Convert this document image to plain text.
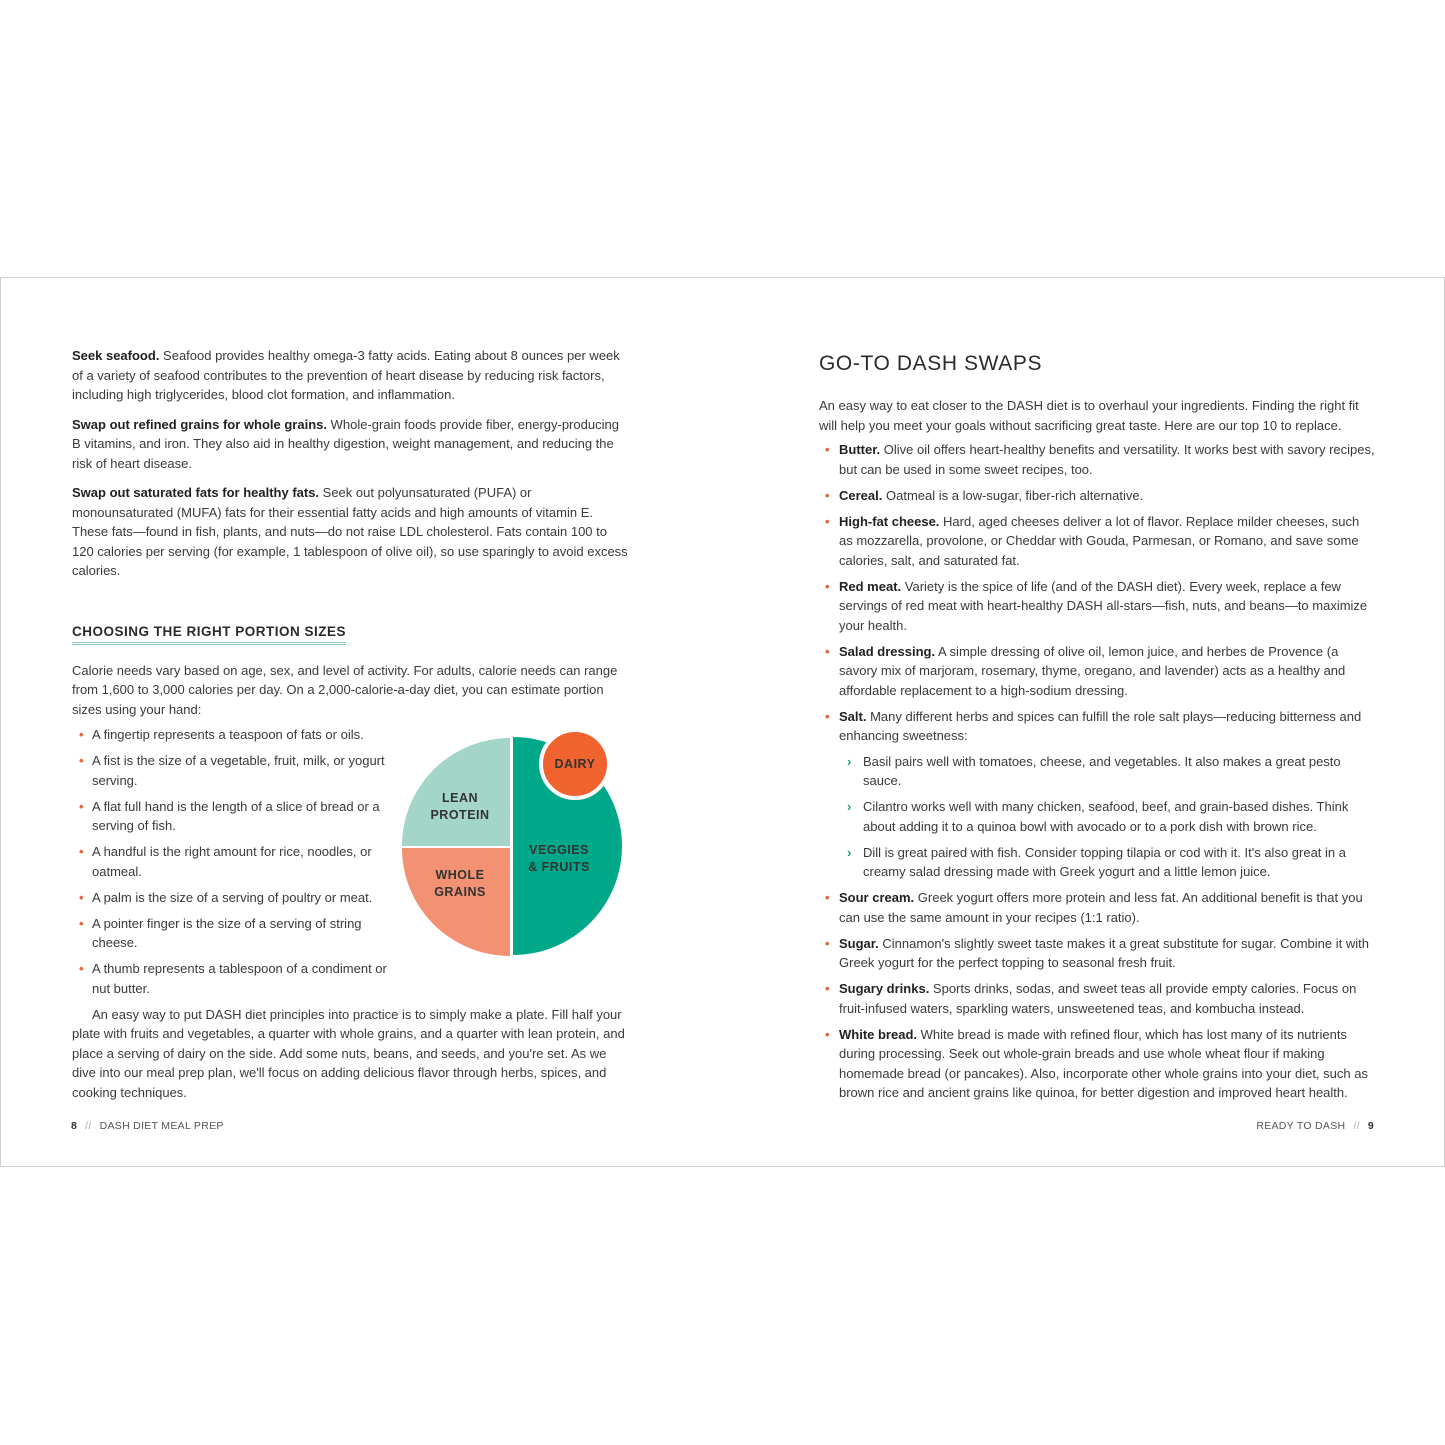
Seek seafood. Seafood provides healthy omega-3 fatty acids. Eating about 8 ounces per week of a variety of seafood contributes to the prevention of heart disease by reducing risk factors, including high triglycerides, blood clot formation, and inflammation.

Swap out refined grains for whole grains. Whole-grain foods provide fiber, energy-producing B vitamins, and iron. They also aid in healthy digestion, weight management, and reducing the risk of heart disease.

Swap out saturated fats for healthy fats. Seek out polyunsaturated (PUFA) or monounsaturated (MUFA) fats for their essential fatty acids and high amounts of vitamin E. These fats—found in fish, plants, and nuts—do not raise LDL cholesterol. Fats contain 100 to 120 calories per serving (for example, 1 tablespoon of olive oil), so use sparingly to avoid excess calories.

CHOOSING THE RIGHT PORTION SIZES

Calorie needs vary based on age, sex, and level of activity. For adults, calorie needs can range from 1,600 to 3,000 calories per day. On a 2,000-calorie-a-day diet, you can estimate portion sizes using your hand:

• A fingertip represents a teaspoon of fats or oils.
• A fist is the size of a vegetable, fruit, milk, or yogurt serving.
• A flat full hand is the length of a slice of bread or a serving of fish.
• A handful is the right amount for rice, noodles, or oatmeal.
• A palm is the size of a serving of poultry or meat.
• A pointer finger is the size of a serving of string cheese.
• A thumb represents a tablespoon of a condiment or nut butter.

An easy way to put DASH diet principles into practice is to simply make a plate. Fill half your plate with fruits and vegetables, a quarter with whole grains, and a quarter with lean protein, and place a serving of dairy on the side. Add some nuts, beans, and seeds, and you're set. As we dive into our meal prep plan, we'll focus on adding delicious flavor through herbs, spices, and cooking techniques.

LEAN
PROTEIN
WHOLE
GRAINS
VEGGIES
& FRUITS
DAIRY
8 // DASH DIET MEAL PREP
GO-TO DASH SWAPS

An easy way to eat closer to the DASH diet is to overhaul your ingredients. Finding the right fit will help you meet your goals without sacrificing great taste. Here are our top 10 to replace.

• Butter. Olive oil offers heart-healthy benefits and versatility. It works best with savory recipes, but can be used in some sweet recipes, too.
• Cereal. Oatmeal is a low-sugar, fiber-rich alternative.
• High-fat cheese. Hard, aged cheeses deliver a lot of flavor. Replace milder cheeses, such as mozzarella, provolone, or Cheddar with Gouda, Parmesan, or Romano, and save some calories, salt, and saturated fat.
• Red meat. Variety is the spice of life (and of the DASH diet). Every week, replace a few servings of red meat with heart-healthy DASH all-stars—fish, nuts, and beans—to maximize your health.
• Salad dressing. A simple dressing of olive oil, lemon juice, and herbes de Provence (a savory mix of marjoram, rosemary, thyme, oregano, and lavender) acts as a healthy and affordable replacement to a high-sodium dressing.
• Salt. Many different herbs and spices can fulfill the role salt plays—reducing bitterness and enhancing sweetness:
› Basil pairs well with tomatoes, cheese, and vegetables. It also makes a great pesto sauce.
› Cilantro works well with many chicken, seafood, beef, and grain-based dishes. Think about adding it to a quinoa bowl with avocado or to a pork dish with brown rice.
› Dill is great paired with fish. Consider topping tilapia or cod with it. It's also great in a creamy salad dressing made with Greek yogurt and a little lemon juice.
• Sour cream. Greek yogurt offers more protein and less fat. An additional benefit is that you can use the same amount in your recipes (1:1 ratio).
• Sugar. Cinnamon's slightly sweet taste makes it a great substitute for sugar. Combine it with Greek yogurt for the perfect topping to seasonal fresh fruit.
• Sugary drinks. Sports drinks, sodas, and sweet teas all provide empty calories. Focus on fruit-infused waters, sparkling waters, unsweetened teas, and kombucha instead.
• White bread. White bread is made with refined flour, which has lost many of its nutrients during processing. Seek out whole-grain breads and use whole wheat flour if making homemade bread (or pancakes). Also, incorporate other whole grains into your diet, such as brown rice and ancient grains like quinoa, for better digestion and improved heart health.
READY TO DASH // 9
